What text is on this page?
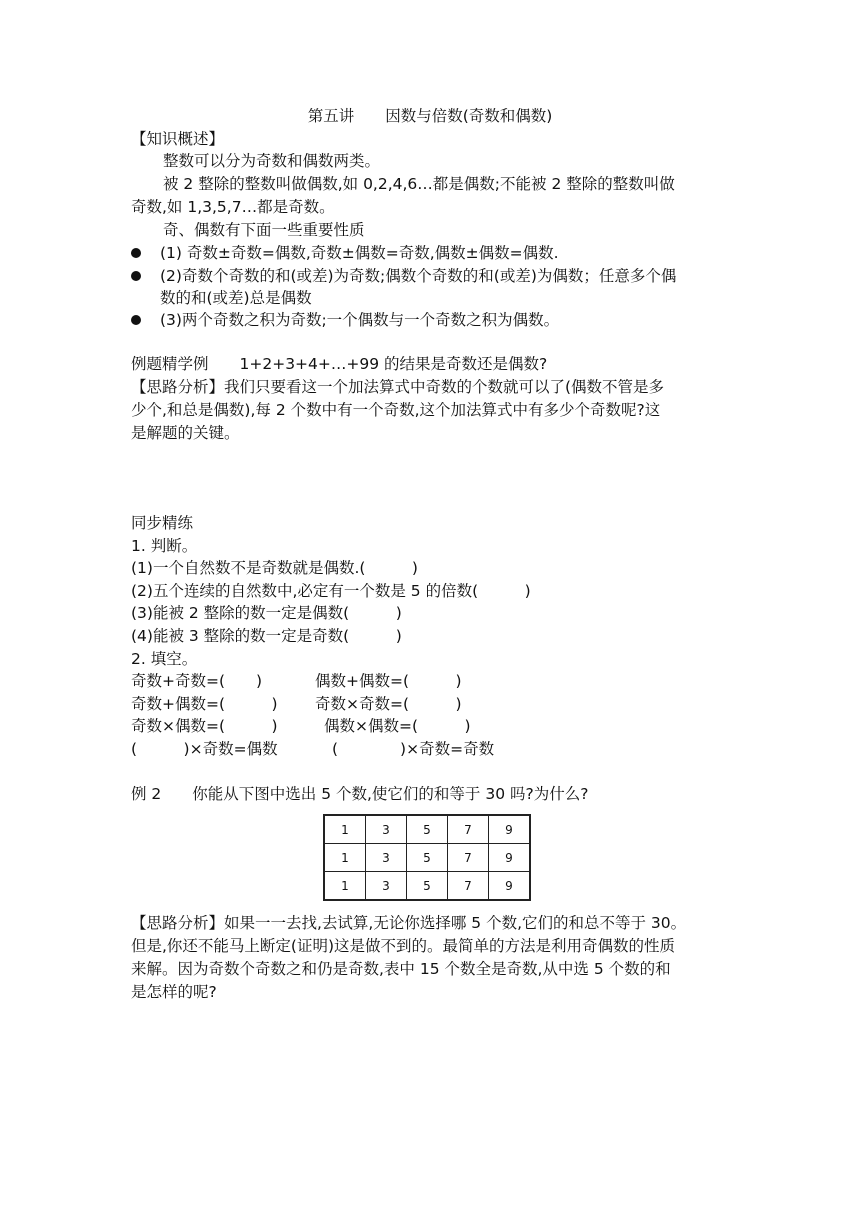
第五讲　　因数与倍数(奇数和偶数)
【知识概述】
整数可以分为奇数和偶数两类。
被 2 整除的整数叫做偶数,如 0,2,4,6…都是偶数;不能被 2 整除的整数叫做
奇数,如 1,3,5,7…都是奇数。
奇、偶数有下面一些重要性质
(1) 奇数±奇数=偶数,奇数±偶数=奇数,偶数±偶数=偶数.
(2)奇数个奇数的和(或差)为奇数;偶数个奇数的和(或差)为偶数；任意多个偶
数的和(或差)总是偶数
(3)两个奇数之积为奇数;一个偶数与一个奇数之积为偶数。
例题精学例　　1+2+3+4+…+99 的结果是奇数还是偶数?
【思路分析】我们只要看这一个加法算式中奇数的个数就可以了(偶数不管是多
少个,和总是偶数),每 2 个数中有一个奇数,这个加法算式中有多少个奇数呢?这
是解题的关键。
同步精练
1. 判断。
(1)一个自然数不是奇数就是偶数.(　　　)
(2)五个连续的自然数中,必定有一个数是 5 的倍数(　　　)
(3)能被 2 整除的数一定是偶数(　　　)
(4)能被 3 整除的数一定是奇数(　　　)
2. 填空。
奇数+奇数=(　　)	偶数+偶数=(　　　)
奇数+偶数=(　　　) 奇数×奇数=(　　　)
奇数×偶数=(　　　)	偶数×偶数=(　　　)
(　　　)×奇数=偶数	(　　　　)×奇数=奇数
例 2　　你能从下图中选出 5 个数,使它们的和等于 30 吗?为什么?
1	3	5	7	9
1	3	5	7	9
1	3	5	7	9
【思路分析】如果一一去找,去试算,无论你选择哪 5 个数,它们的和总不等于 30。
但是,你还不能马上断定(证明)这是做不到的。最简单的方法是利用奇偶数的性质
来解。因为奇数个奇数之和仍是奇数,表中 15 个数全是奇数,从中选 5 个数的和
是怎样的呢?
